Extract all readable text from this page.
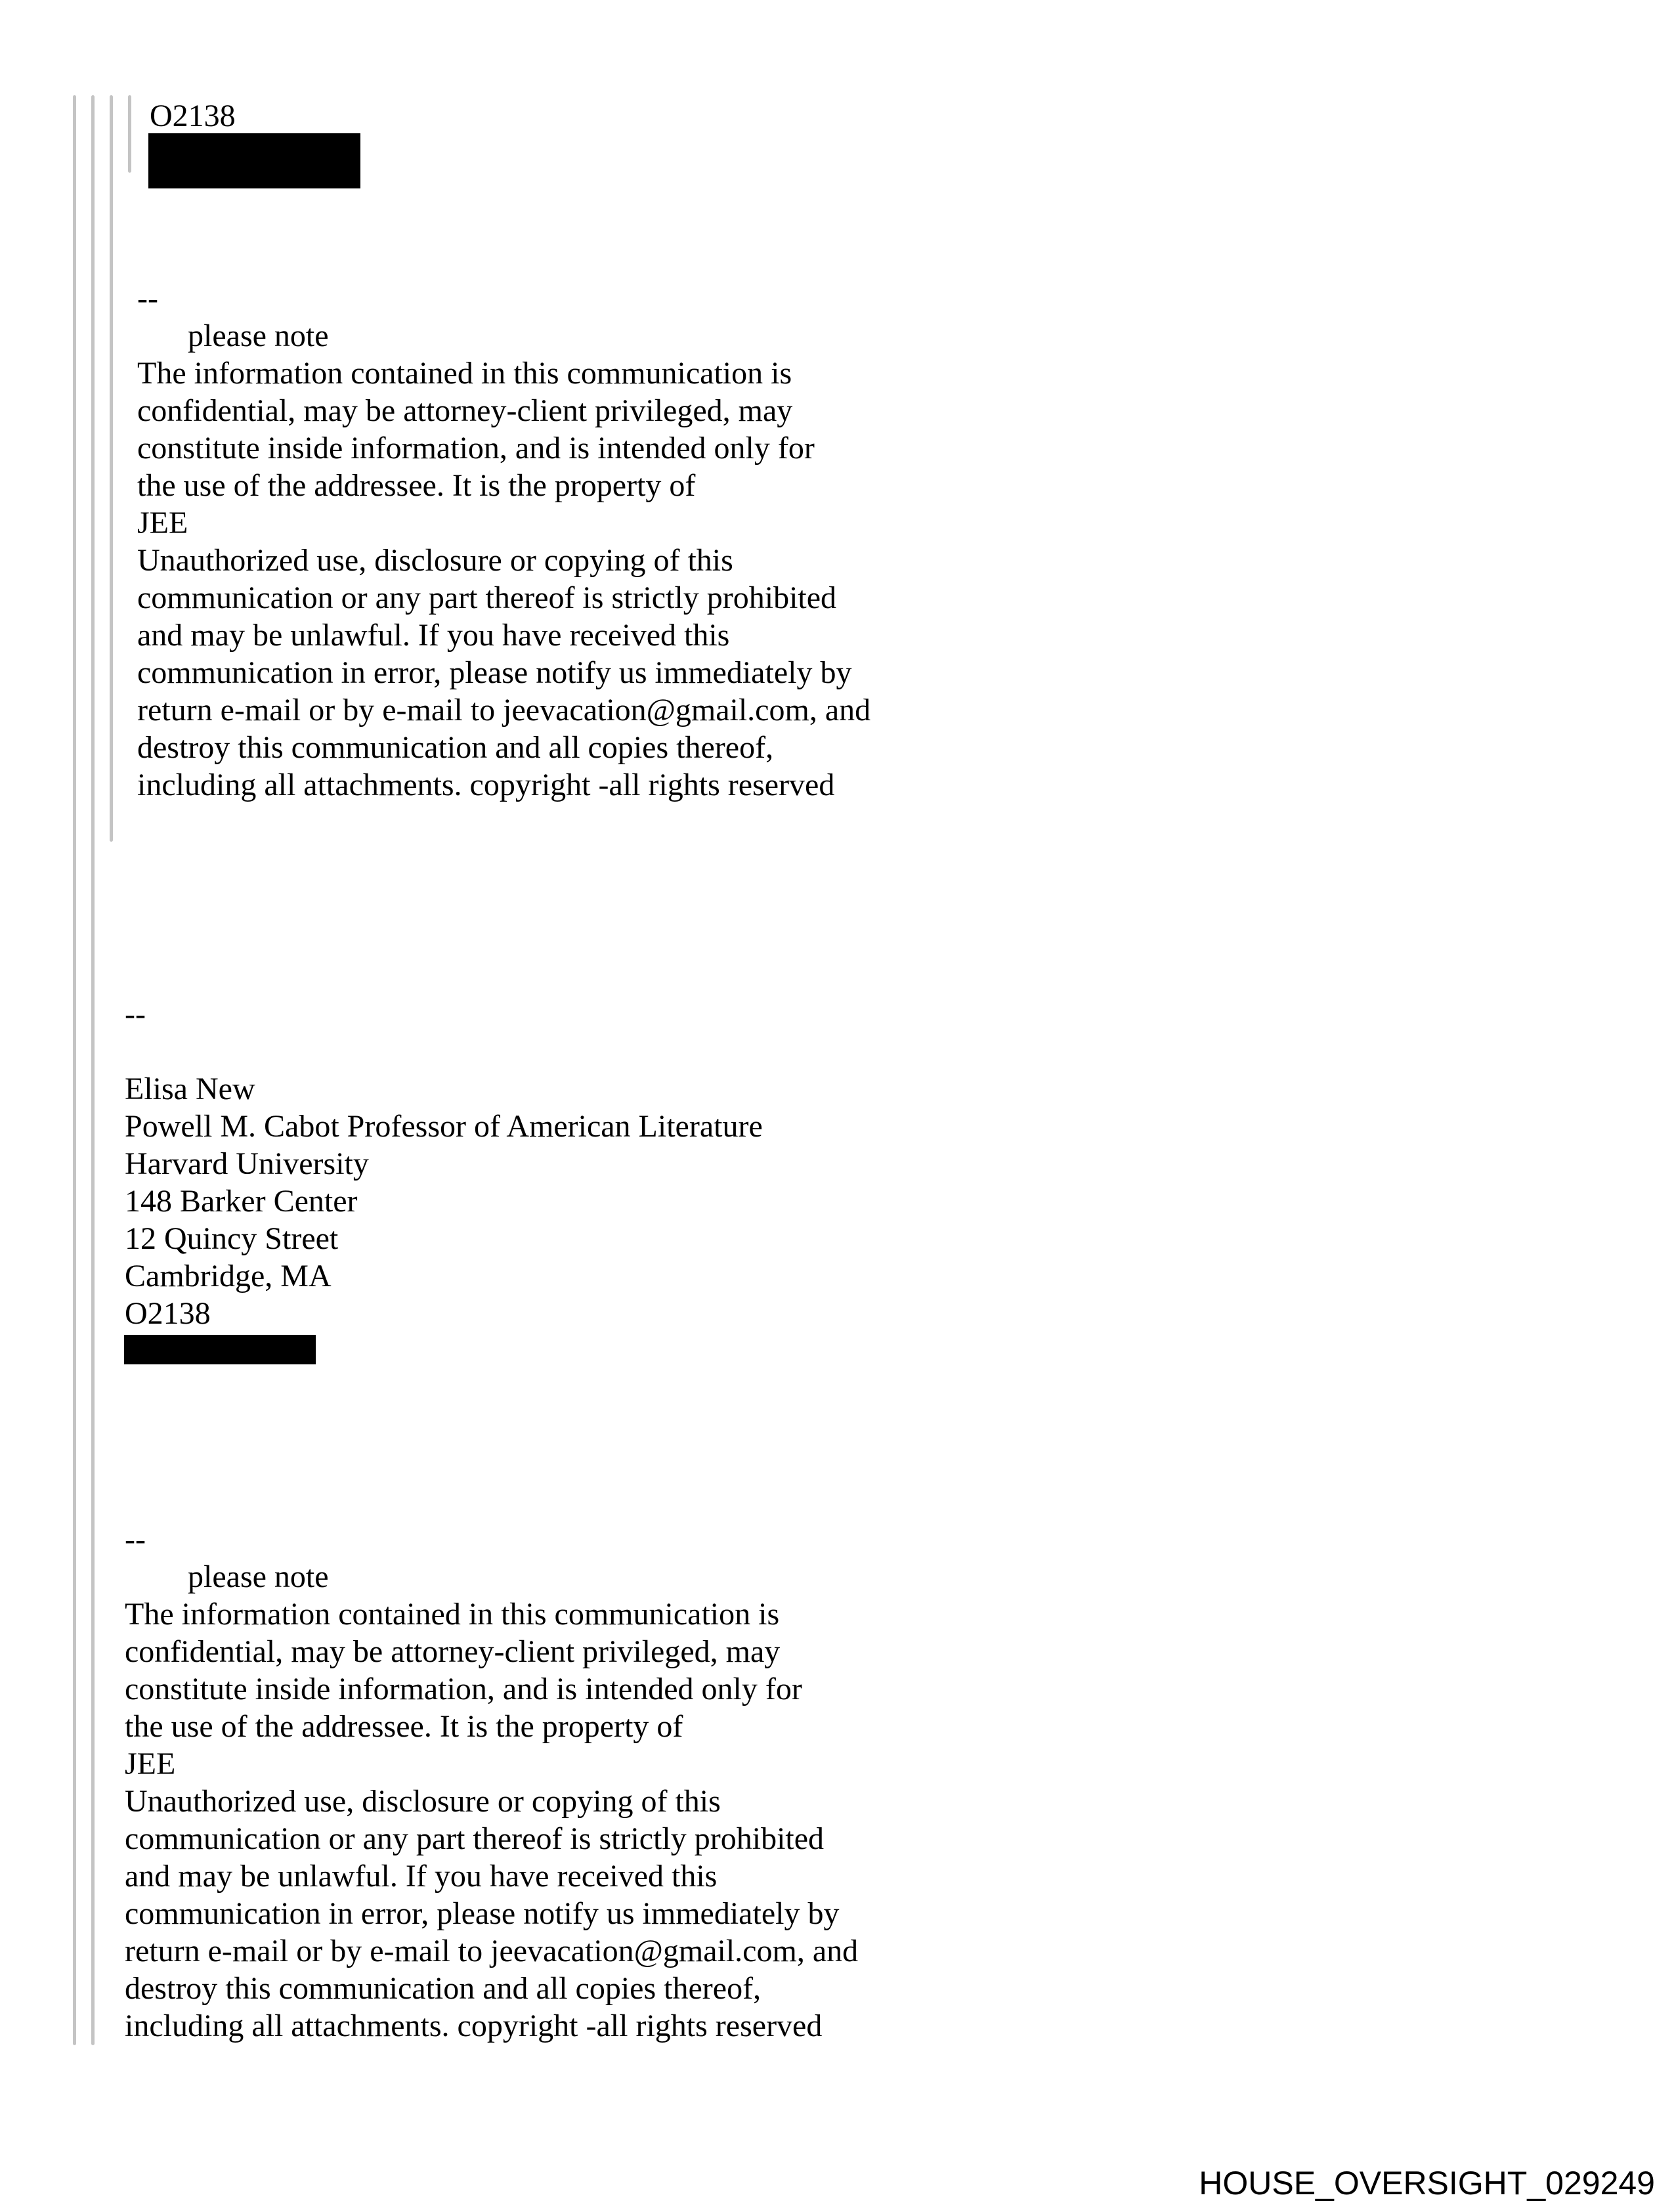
O2138
--
please note
The information contained in this communication is
confidential, may be attorney-client privileged, may
constitute inside information, and is intended only for
the use of the addressee. It is the property of
JEE
Unauthorized use, disclosure or copying of this
communication or any part thereof is strictly prohibited
and may be unlawful. If you have received this
communication in error, please notify us immediately by
return e-mail or by e-mail to jeevacation@gmail.com, and
destroy this communication and all copies thereof,
including all attachments. copyright -all rights reserved
--
Elisa New
Powell M. Cabot Professor of American Literature
Harvard University
148 Barker Center
12 Quincy Street
Cambridge, MA
O2138
--
please note
The information contained in this communication is
confidential, may be attorney-client privileged, may
constitute inside information, and is intended only for
the use of the addressee. It is the property of
JEE
Unauthorized use, disclosure or copying of this
communication or any part thereof is strictly prohibited
and may be unlawful. If you have received this
communication in error, please notify us immediately by
return e-mail or by e-mail to jeevacation@gmail.com, and
destroy this communication and all copies thereof,
including all attachments. copyright -all rights reserved
HOUSE_OVERSIGHT_029249
